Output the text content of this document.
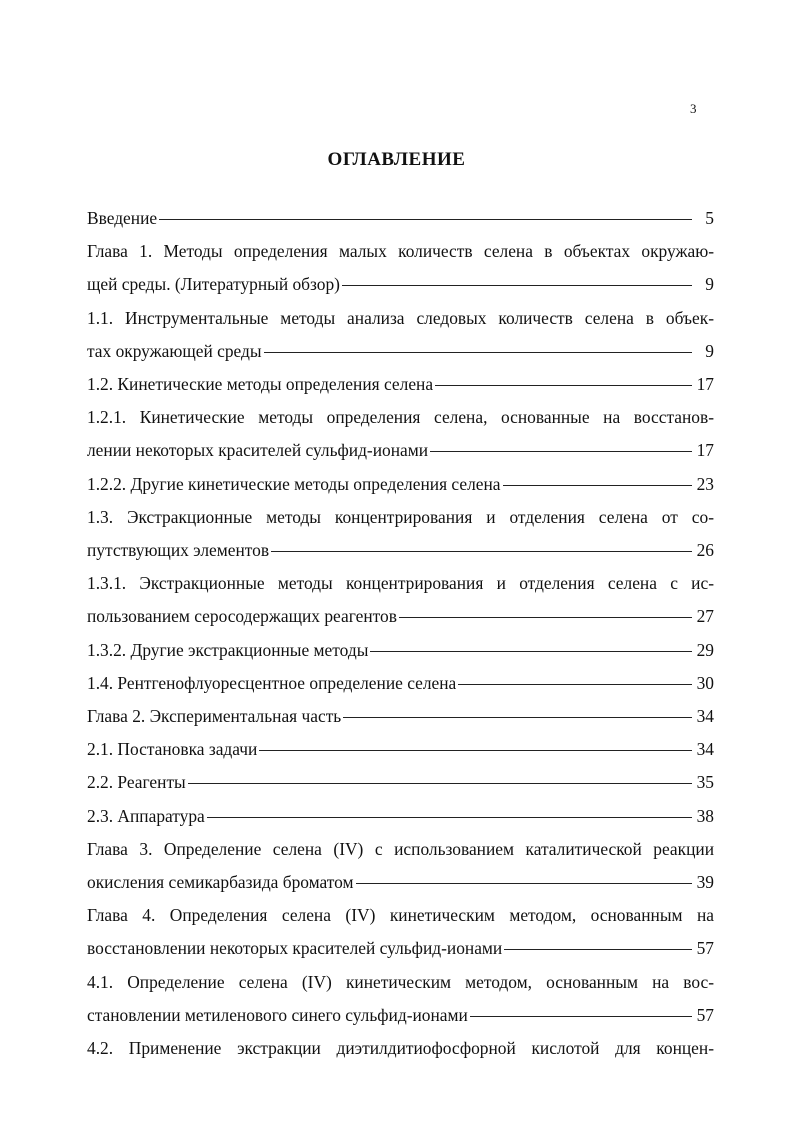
3
ОГЛАВЛЕНИЕ
Введение	5
Глава 1. Методы определения малых количеств селена в объектах окружаю-
щей среды. (Литературный обзор)	9
1.1. Инструментальные методы анализа следовых количеств селена в объек-
тах окружающей среды	9
1.2. Кинетические методы определения селена	17
1.2.1. Кинетические методы определения селена, основанные на восстанов-
лении некоторых красителей сульфид-ионами	17
1.2.2. Другие кинетические методы определения селена	23
1.3. Экстракционные методы концентрирования и отделения селена от со-
путствующих элементов	26
1.3.1. Экстракционные методы концентрирования и отделения селена с ис-
пользованием серосодержащих реагентов	27
1.3.2. Другие экстракционные методы	29
1.4. Рентгенофлуоресцентное определение селена	30
Глава 2. Экспериментальная часть	34
2.1. Постановка задачи	34
2.2. Реагенты	35
2.3. Аппаратура	38
Глава 3. Определение селена (IV) с использованием каталитической реакции
окисления семикарбазида броматом	39
Глава 4. Определения селена (IV) кинетическим методом, основанным на
восстановлении некоторых красителей сульфид-ионами	57
4.1. Определение селена (IV) кинетическим методом, основанным на вос-
становлении метиленового синего сульфид-ионами	57
4.2. Применение экстракции диэтилдитиофосфорной кислотой для концен-
